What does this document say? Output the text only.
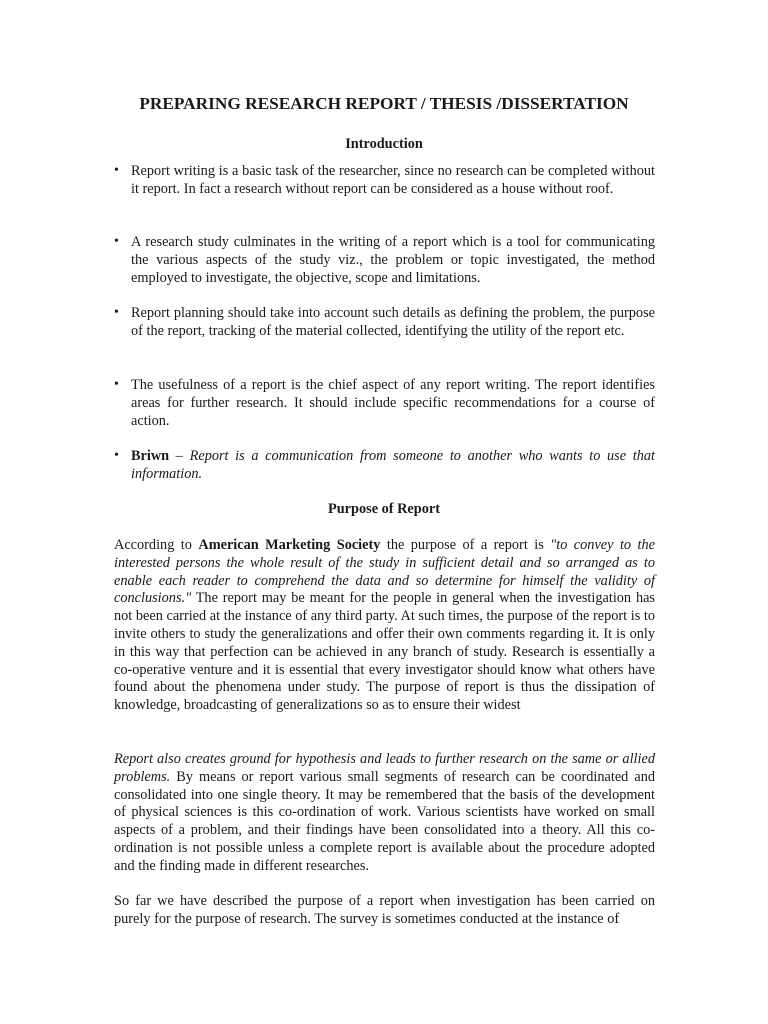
PREPARING RESEARCH REPORT / THESIS /DISSERTATION
Introduction
• Report writing is a basic task of the researcher, since no research can be completed without it report. In fact a research without report can be considered as a house without roof.
• A research study culminates in the writing of a report which is a tool for communicating the various aspects of the study viz., the problem or topic investigated, the method employed to investigate, the objective, scope and limitations.
• Report planning should take into account such details as defining the problem, the purpose of the report, tracking of the material collected, identifying the utility of the report etc.
• The usefulness of a report is the chief aspect of any report writing. The report identifies areas for further research. It should include specific recommendations for a course of action.
• Briwn – Report is a communication from someone to another who wants to use that information.
Purpose of Report
According to American Marketing Society the purpose of a report is "to convey to the interested persons the whole result of the study in sufficient detail and so arranged as to enable each reader to comprehend the data and so determine for himself the validity of conclusions." The report may be meant for the people in general when the investigation has not been carried at the instance of any third party. At such times, the purpose of the report is to invite others to study the generalizations and offer their own comments regarding it. It is only in this way that perfection can be achieved in any branch of study. Research is essentially a co-operative venture and it is essential that every investigator should know what others have found about the phenomena under study. The purpose of report is thus the dissipation of knowledge, broadcasting of generalizations so as to ensure their widest
Report also creates ground for hypothesis and leads to further research on the same or allied problems. By means or report various small segments of research can be coordinated and consolidated into one single theory. It may be remembered that the basis of the development of physical sciences is this co-ordination of work. Various scientists have worked on small aspects of a problem, and their findings have been consolidated into a theory. All this co-ordination is not possible unless a complete report is available about the procedure adopted and the finding made in different researches.
So far we have described the purpose of a report when investigation has been carried on purely for the purpose of research. The survey is sometimes conducted at the instance of
